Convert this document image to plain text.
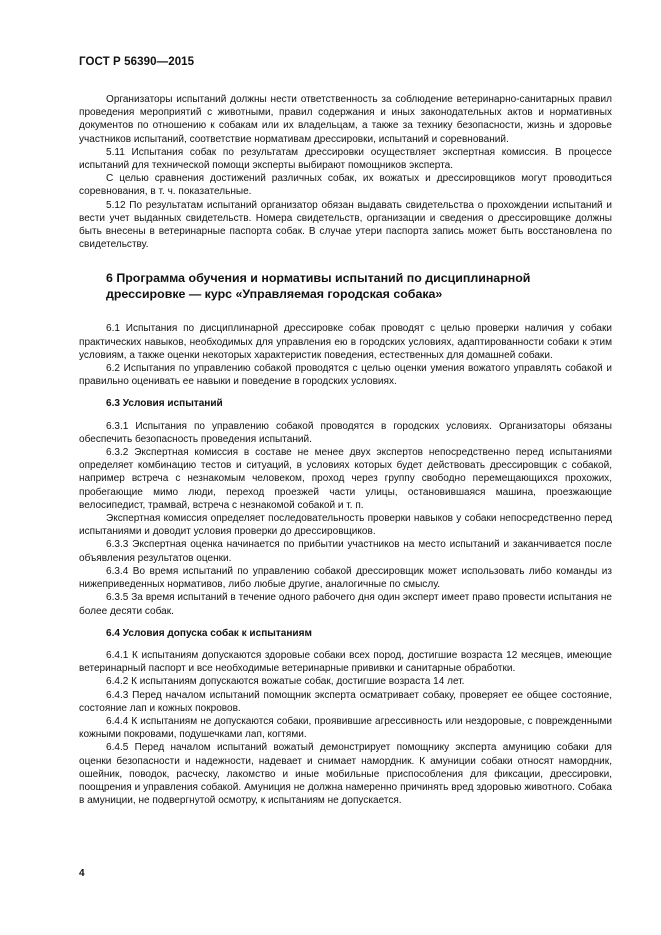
ГОСТ Р 56390—2015

Организаторы испытаний должны нести ответственность за соблюдение ветеринарно-санитарных правил проведения мероприятий с животными, правил содержания и иных законодательных актов и нормативных документов по отношению к собакам или их владельцам, а также за технику безопасности, жизнь и здоровье участников испытаний, соответствие нормативам дрессировки, испытаний и соревнований.

5.11 Испытания собак по результатам дрессировки осуществляет экспертная комиссия. В процессе испытаний для технической помощи эксперты выбирают помощников эксперта.

С целью сравнения достижений различных собак, их вожатых и дрессировщиков могут проводиться соревнования, в т. ч. показательные.

5.12 По результатам испытаний организатор обязан выдавать свидетельства о прохождении испытаний и вести учет выданных свидетельств. Номера свидетельств, организации и сведения о дрессировщике должны быть внесены в ветеринарные паспорта собак. В случае утери паспорта запись может быть восстановлена по свидетельству.

6 Программа обучения и нормативы испытаний по дисциплинарной дрессировке — курс «Управляемая городская собака»

6.1 Испытания по дисциплинарной дрессировке собак проводят с целью проверки наличия у собаки практических навыков, необходимых для управления ею в городских условиях, адаптированности собаки к этим условиям, а также оценки некоторых характеристик поведения, естественных для домашней собаки.

6.2 Испытания по управлению собакой проводятся с целью оценки умения вожатого управлять собакой и правильно оценивать ее навыки и поведение в городских условиях.

6.3 Условия испытаний

6.3.1 Испытания по управлению собакой проводятся в городских условиях. Организаторы обязаны обеспечить безопасность проведения испытаний.

6.3.2 Экспертная комиссия в составе не менее двух экспертов непосредственно перед испытаниями определяет комбинацию тестов и ситуаций, в условиях которых будет действовать дрессировщик с собакой, например встреча с незнакомым человеком, проход через группу свободно перемещающихся прохожих, пробегающие мимо люди, переход проезжей части улицы, остановившаяся машина, проезжающие велосипедист, трамвай, встреча с незнакомой собакой и т. п.

Экспертная комиссия определяет последовательность проверки навыков у собаки непосредственно перед испытаниями и доводит условия проверки до дрессировщиков.

6.3.3 Экспертная оценка начинается по прибытии участников на место испытаний и заканчивается после объявления результатов оценки.

6.3.4 Во время испытаний по управлению собакой дрессировщик может использовать либо команды из нижеприведенных нормативов, либо любые другие, аналогичные по смыслу.

6.3.5 За время испытаний в течение одного рабочего дня один эксперт имеет право провести испытания не более десяти собак.

6.4 Условия допуска собак к испытаниям

6.4.1 К испытаниям допускаются здоровые собаки всех пород, достигшие возраста 12 месяцев, имеющие ветеринарный паспорт и все необходимые ветеринарные прививки и санитарные обработки.

6.4.2 К испытаниям допускаются вожатые собак, достигшие возраста 14 лет.

6.4.3 Перед началом испытаний помощник эксперта осматривает собаку, проверяет ее общее состояние, состояние лап и кожных покровов.

6.4.4 К испытаниям не допускаются собаки, проявившие агрессивность или нездоровые, с поврежденными кожными покровами, подушечками лап, когтями.

6.4.5 Перед началом испытаний вожатый демонстрирует помощнику эксперта амуницию собаки для оценки безопасности и надежности, надевает и снимает намордник. К амуниции собаки относят намордник, ошейник, поводок, расческу, лакомство и иные мобильные приспособления для фиксации, дрессировки, поощрения и управления собакой. Амуниция не должна намеренно причинять вред здоровью животного. Собака в амуниции, не подвергнутой осмотру, к испытаниям не допускается.

4
